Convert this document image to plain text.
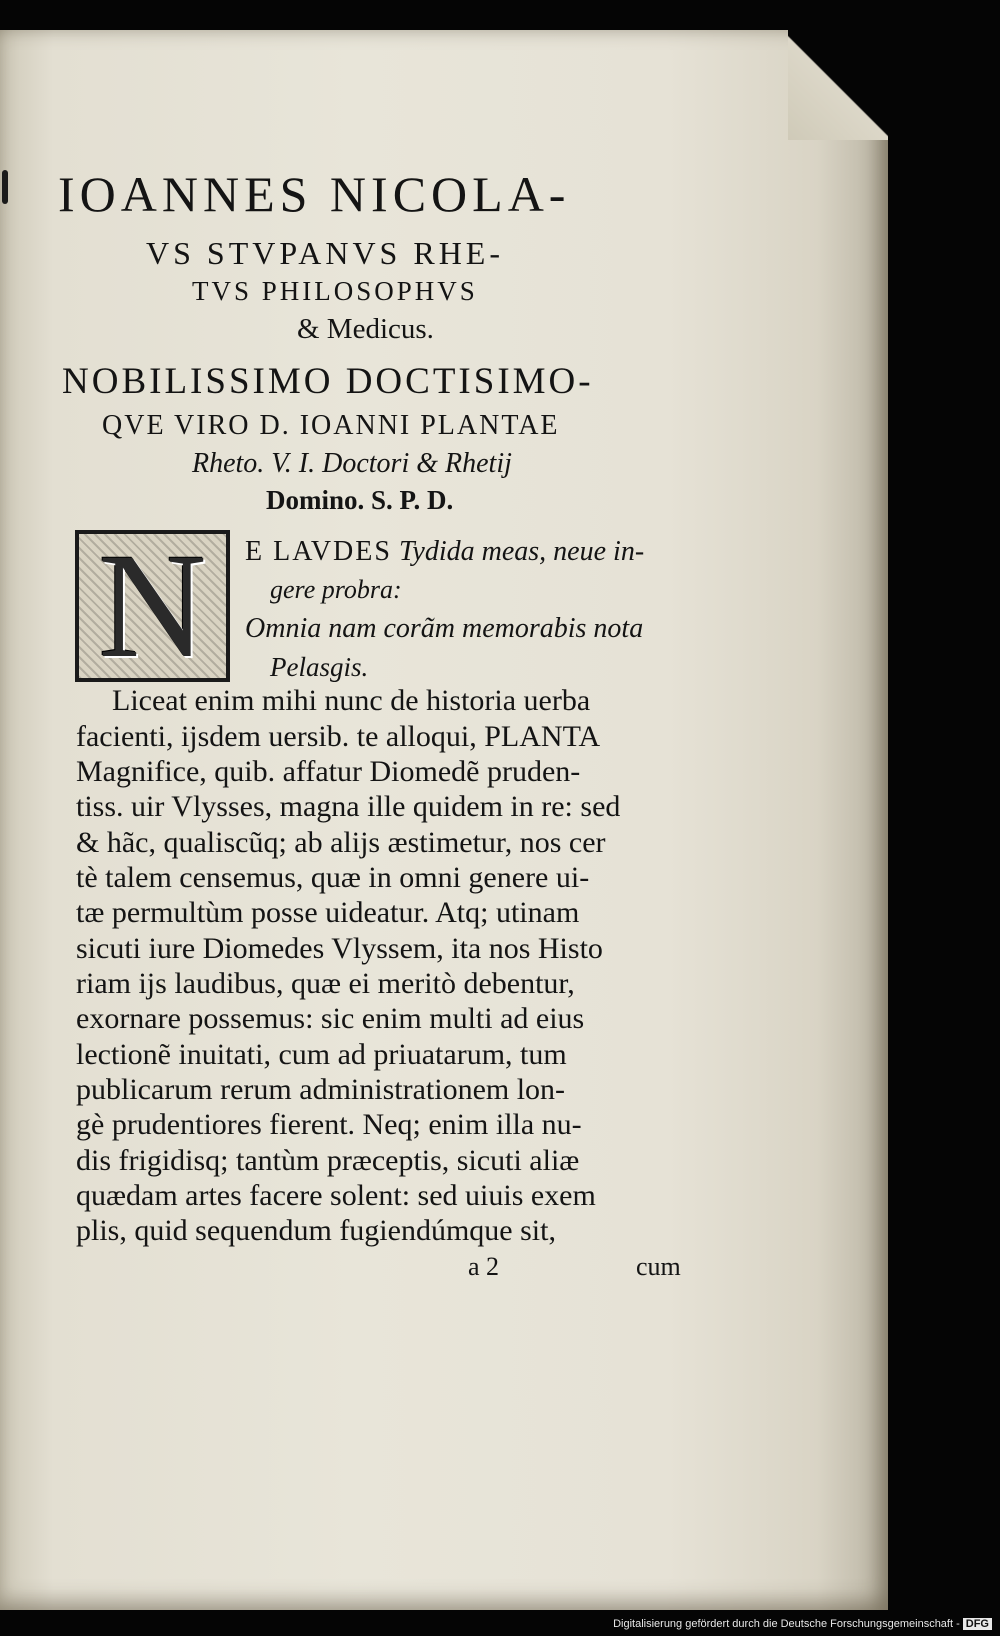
IOANNES NICOLA-
VS STVPANVS RHE-
TVS PHILOSOPHVS
& Medicus.
NOBILISSIMO DOCTISIMO-
QVE VIRO D. IOANNI PLANTAE
Rheto. V. I. Doctori & Rhetij
Domino. S. P. D.
N E LAVDES Tydida meas, neue in-
gere probra:
Omnia nam corãm memorabis nota
Pelasgis.
Liceat enim mihi nunc de historia uerba
facienti, ijsdem uersib. te alloqui, PLANTA
Magnifice, quib. affatur Diomedẽ pruden-
tiss. uir Vlysses, magna ille quidem in re: sed
& hãc, qualiscũq; ab alijs æstimetur, nos cer
tè talem censemus, quæ in omni genere ui-
tæ permultùm posse uideatur. Atq; utinam
sicuti iure Diomedes Vlyssem, ita nos Histo
riam ijs laudibus, quæ ei meritò debentur,
exornare possemus: sic enim multi ad eius
lectionẽ inuitati, cum ad priuatarum, tum
publicarum rerum administrationem lon-
gè prudentiores fierent. Neq; enim illa nu-
dis frigidisq; tantùm præceptis, sicuti aliæ
quædam artes facere solent: sed uiuis exem
plis, quid sequendum fugiendúmque sit,
a 2	cum
Digitalisierung gefördert durch die Deutsche Forschungsgemeinschaft - DFG
